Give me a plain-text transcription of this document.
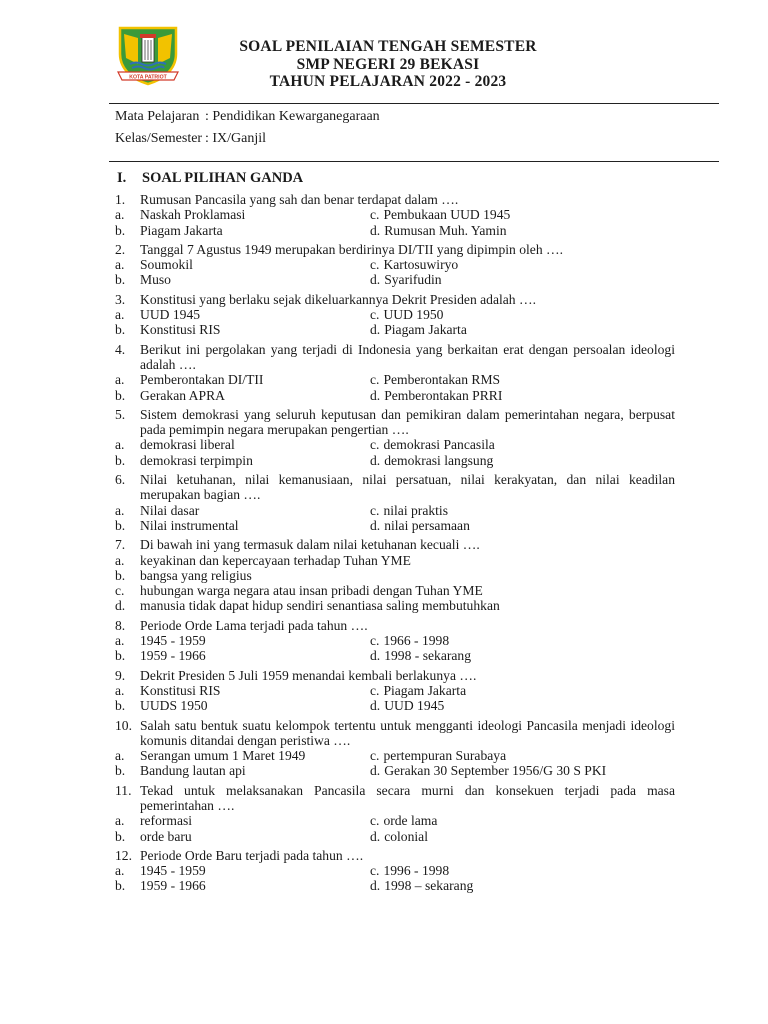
KOTA PATRIOT
SOAL PENILAIAN TENGAH SEMESTER
SMP NEGERI 29 BEKASI
TAHUN PELAJARAN 2022 - 2023
Mata Pelajaran : Pendidikan Kewarganegaraan
Kelas/Semester : IX/Ganjil
I. SOAL PILIHAN GANDA
1. Rumusan Pancasila yang sah dan benar terdapat dalam ….
a.	Naskah Proklamasi	c. Pembukaan UUD 1945
b.	Piagam Jakarta	d. Rumusan Muh. Yamin
2. Tanggal 7 Agustus 1949 merupakan berdirinya DI/TII yang dipimpin oleh ….
a.	Soumokil	c. Kartosuwiryo
b.	Muso	d. Syarifudin
3. Konstitusi yang berlaku sejak dikeluarkannya Dekrit Presiden adalah ….
a.	UUD 1945	c. UUD 1950
b.	Konstitusi RIS	d. Piagam Jakarta
4. Berikut ini pergolakan yang terjadi di Indonesia yang berkaitan erat dengan persoalan ideologi adalah ….
a.	Pemberontakan DI/TII	c. Pemberontakan RMS
b.	Gerakan APRA	d. Pemberontakan PRRI
5. Sistem demokrasi yang seluruh keputusan dan pemikiran dalam pemerintahan negara, berpusat pada pemimpin negara merupakan pengertian ….
a.	demokrasi liberal	c. demokrasi Pancasila
b.	demokrasi terpimpin	d. demokrasi langsung
6. Nilai ketuhanan, nilai kemanusiaan, nilai persatuan, nilai kerakyatan, dan nilai keadilan merupakan bagian ….
a.	Nilai dasar	c. nilai praktis
b.	Nilai instrumental	d. nilai persamaan
7. Di bawah ini yang termasuk dalam nilai ketuhanan kecuali ….
a.	keyakinan dan kepercayaan terhadap Tuhan YME
b.	bangsa yang religius
c.	hubungan warga negara atau insan pribadi dengan Tuhan YME
d.	manusia tidak dapat hidup sendiri senantiasa saling membutuhkan
8. Periode Orde Lama terjadi pada tahun ….
a.	1945 - 1959	c. 1966 - 1998
b.	1959 - 1966	d. 1998 - sekarang
9. Dekrit Presiden 5 Juli 1959 menandai kembali berlakunya ….
a.	Konstitusi RIS	c. Piagam Jakarta
b.	UUDS 1950	d. UUD 1945
10. Salah satu bentuk suatu kelompok tertentu untuk mengganti ideologi Pancasila menjadi ideologi komunis ditandai dengan peristiwa ….
a.	Serangan umum 1 Maret 1949	c. pertempuran Surabaya
b.	Bandung lautan api	d. Gerakan 30 September 1956/G 30 S PKI
11. Tekad untuk melaksanakan Pancasila secara murni dan konsekuen terjadi pada masa pemerintahan ….
a.	reformasi	c. orde lama
b.	orde baru	d. colonial
12. Periode Orde Baru terjadi pada tahun ….
a.	1945 - 1959	c. 1996 - 1998
b.	1959 - 1966	d. 1998 – sekarang
